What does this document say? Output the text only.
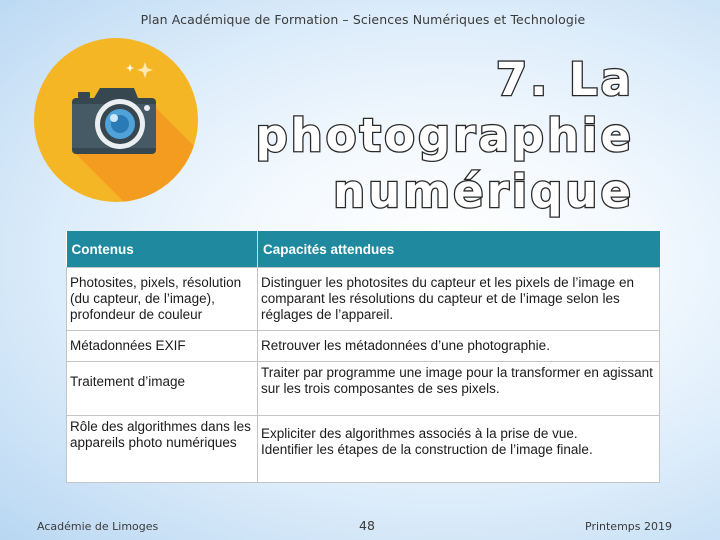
Plan Académique de Formation – Sciences Numériques et Technologie
7. La photographie
numérique
Contenus	Capacités attendues
Photosites, pixels, résolution (du capteur, de l’image), profondeur de couleur	Distinguer les photosites du capteur et les pixels de l’image en comparant les résolutions du capteur et de l’image selon les réglages de l’appareil.

Métadonnées EXIF	Retrouver les métadonnées d’une photographie.

Traitement d’image	Traiter par programme une image pour la transformer en agissant sur les trois composantes de ses pixels.

Rôle des algorithmes dans les appareils photo numériques	Expliciter des algorithmes associés à la prise de vue.
Identifier les étapes de la construction de l’image finale.
Académie de Limoges	48	Printemps 2019
